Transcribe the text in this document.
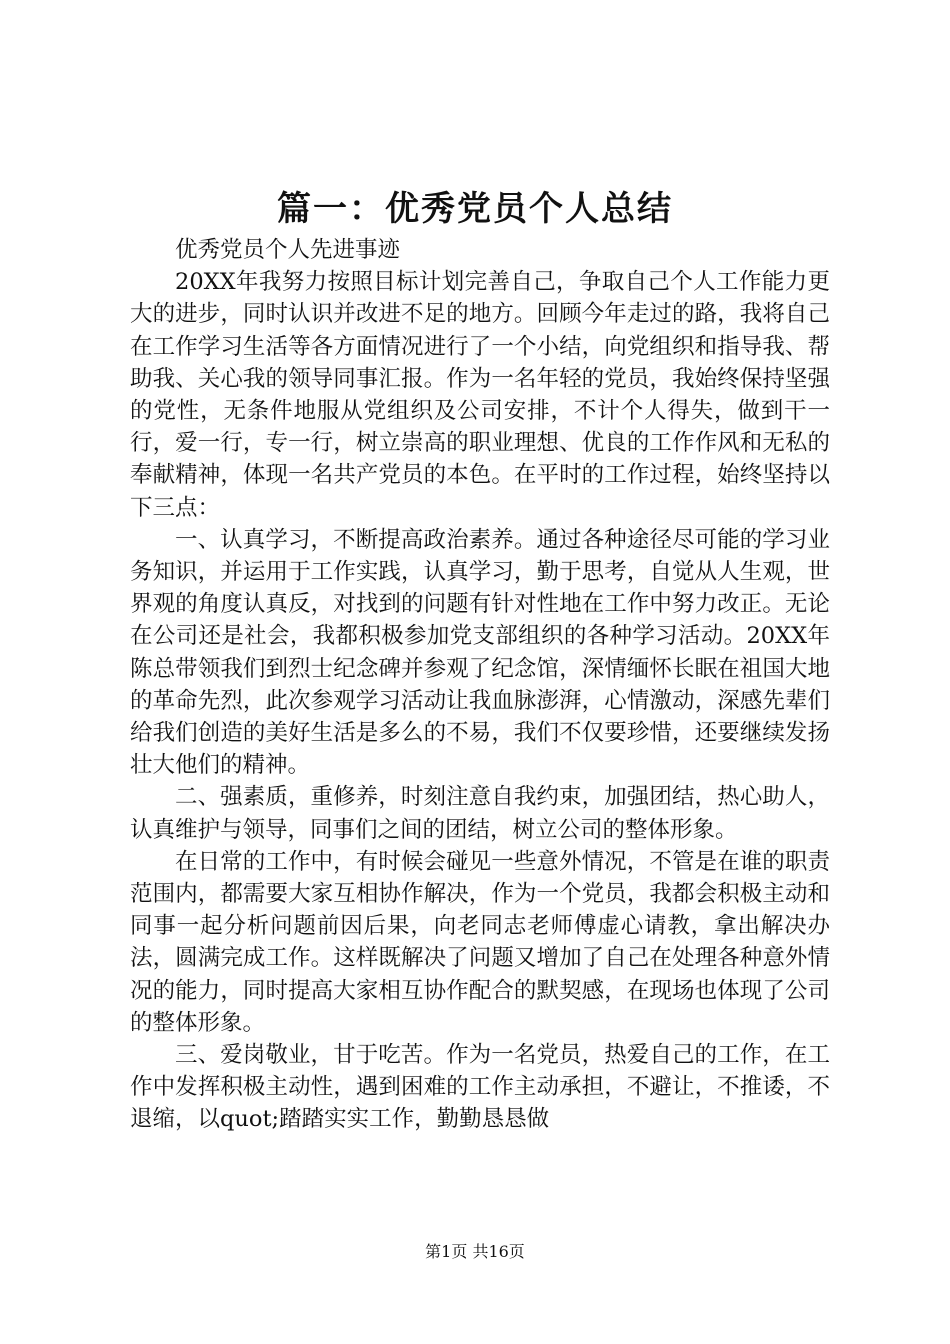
篇一：优秀党员个人总结

优秀党员个人先进事迹

20XX年我努力按照目标计划完善自己，争取自己个人工作能力更大的进步，同时认识并改进不足的地方。回顾今年走过的路，我将自己在工作学习生活等各方面情况进行了一个小结，向党组织和指导我、帮助我、关心我的领导同事汇报。作为一名年轻的党员，我始终保持坚强的党性，无条件地服从党组织及公司安排，不计个人得失，做到干一行，爱一行，专一行，树立崇高的职业理想、优良的工作作风和无私的奉献精神，体现一名共产党员的本色。在平时的工作过程，始终坚持以下三点：

一、认真学习，不断提高政治素养。通过各种途径尽可能的学习业务知识，并运用于工作实践，认真学习，勤于思考，自觉从人生观，世界观的角度认真反，对找到的问题有针对性地在工作中努力改正。无论在公司还是社会，我都积极参加党支部组织的各种学习活动。20XX年陈总带领我们到烈士纪念碑并参观了纪念馆，深情缅怀长眠在祖国大地的革命先烈，此次参观学习活动让我血脉澎湃，心情激动，深感先辈们给我们创造的美好生活是多么的不易，我们不仅要珍惜，还要继续发扬壮大他们的精神。

二、强素质，重修养，时刻注意自我约束，加强团结，热心助人，认真维护与领导，同事们之间的团结，树立公司的整体形象。

在日常的工作中，有时候会碰见一些意外情况，不管是在谁的职责范围内，都需要大家互相协作解决，作为一个党员，我都会积极主动和同事一起分析问题前因后果，向老同志老师傅虚心请教，拿出解决办法，圆满完成工作。这样既解决了问题又增加了自己在处理各种意外情况的能力，同时提高大家相互协作配合的默契感，在现场也体现了公司的整体形象。

三、爱岗敬业，甘于吃苦。作为一名党员，热爱自己的工作，在工作中发挥积极主动性，遇到困难的工作主动承担，不避让，不推诿，不退缩，以quot;踏踏实实工作，勤勤恳恳做

第1页 共16页
